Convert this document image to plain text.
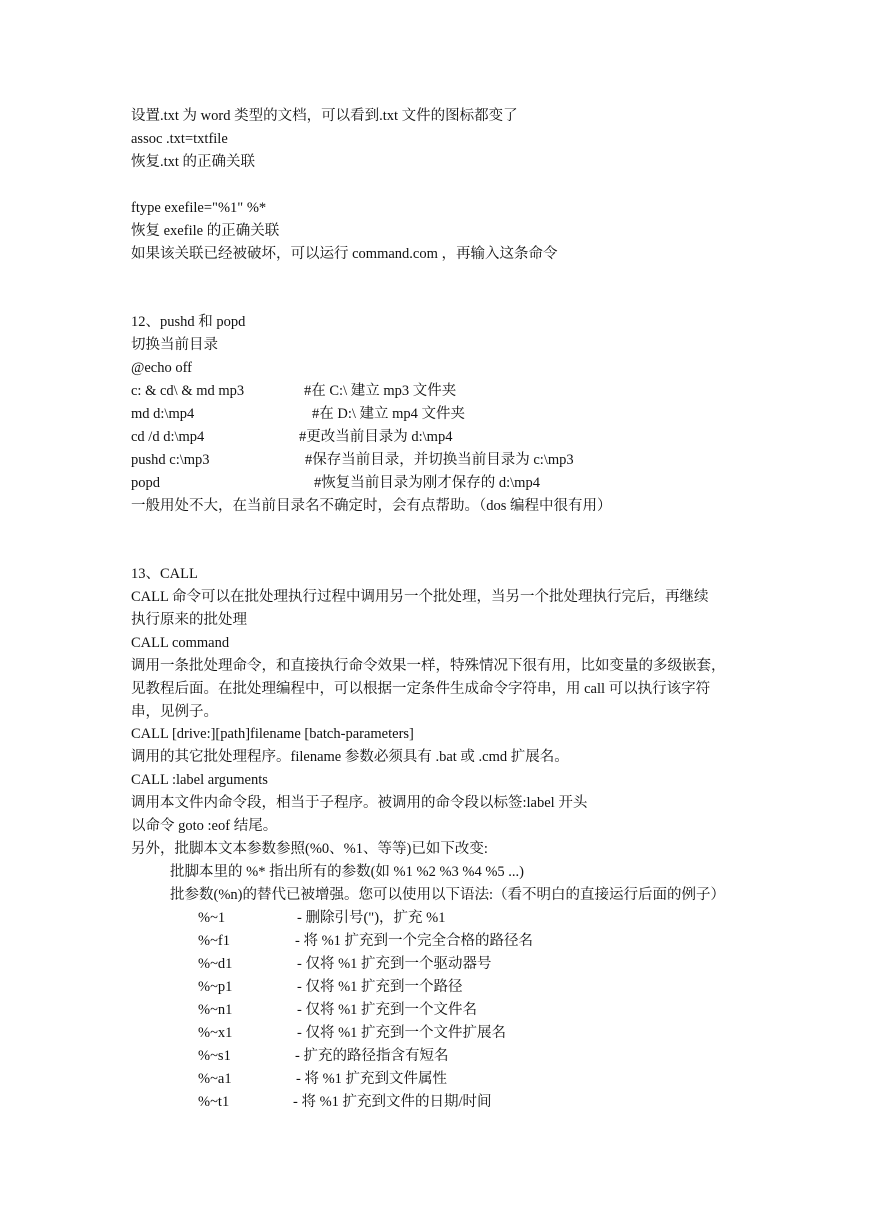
设置.txt 为 word 类型的文档，可以看到.txt 文件的图标都变了
assoc .txt=txtfile
恢复.txt 的正确关联
ftype exefile="%1" %*
恢复 exefile 的正确关联
如果该关联已经被破坏，可以运行 command.com ，再输入这条命令
12、pushd 和 popd
切换当前目录
@echo off
c: & cd\ & md mp3	#在 C:\ 建立 mp3 文件夹
md d:\mp4	#在 D:\ 建立 mp4 文件夹
cd /d d:\mp4	#更改当前目录为 d:\mp4
pushd c:\mp3	#保存当前目录，并切换当前目录为 c:\mp3
popd	#恢复当前目录为刚才保存的 d:\mp4
一般用处不大，在当前目录名不确定时，会有点帮助。（dos 编程中很有用）
13、CALL
CALL 命令可以在批处理执行过程中调用另一个批处理，当另一个批处理执行完后，再继续
执行原来的批处理
CALL command
调用一条批处理命令，和直接执行命令效果一样，特殊情况下很有用，比如变量的多级嵌套，
见教程后面。在批处理编程中，可以根据一定条件生成命令字符串，用 call 可以执行该字符
串，见例子。
CALL [drive:][path]filename [batch-parameters]
调用的其它批处理程序。filename 参数必须具有 .bat 或 .cmd 扩展名。
CALL :label arguments
调用本文件内命令段，相当于子程序。被调用的命令段以标签:label 开头
以命令 goto :eof 结尾。
另外，批脚本文本参数参照(%0、%1、等等)已如下改变:
批脚本里的 %* 指出所有的参数(如 %1 %2 %3 %4 %5 ...)
批参数(%n)的替代已被增强。您可以使用以下语法:（看不明白的直接运行后面的例子）
%~1	- 删除引号(")，扩充 %1
%~f1	- 将 %1 扩充到一个完全合格的路径名
%~d1	- 仅将 %1 扩充到一个驱动器号
%~p1	- 仅将 %1 扩充到一个路径
%~n1	- 仅将 %1 扩充到一个文件名
%~x1	- 仅将 %1 扩充到一个文件扩展名
%~s1	- 扩充的路径指含有短名
%~a1	- 将 %1 扩充到文件属性
%~t1	- 将 %1 扩充到文件的日期/时间
